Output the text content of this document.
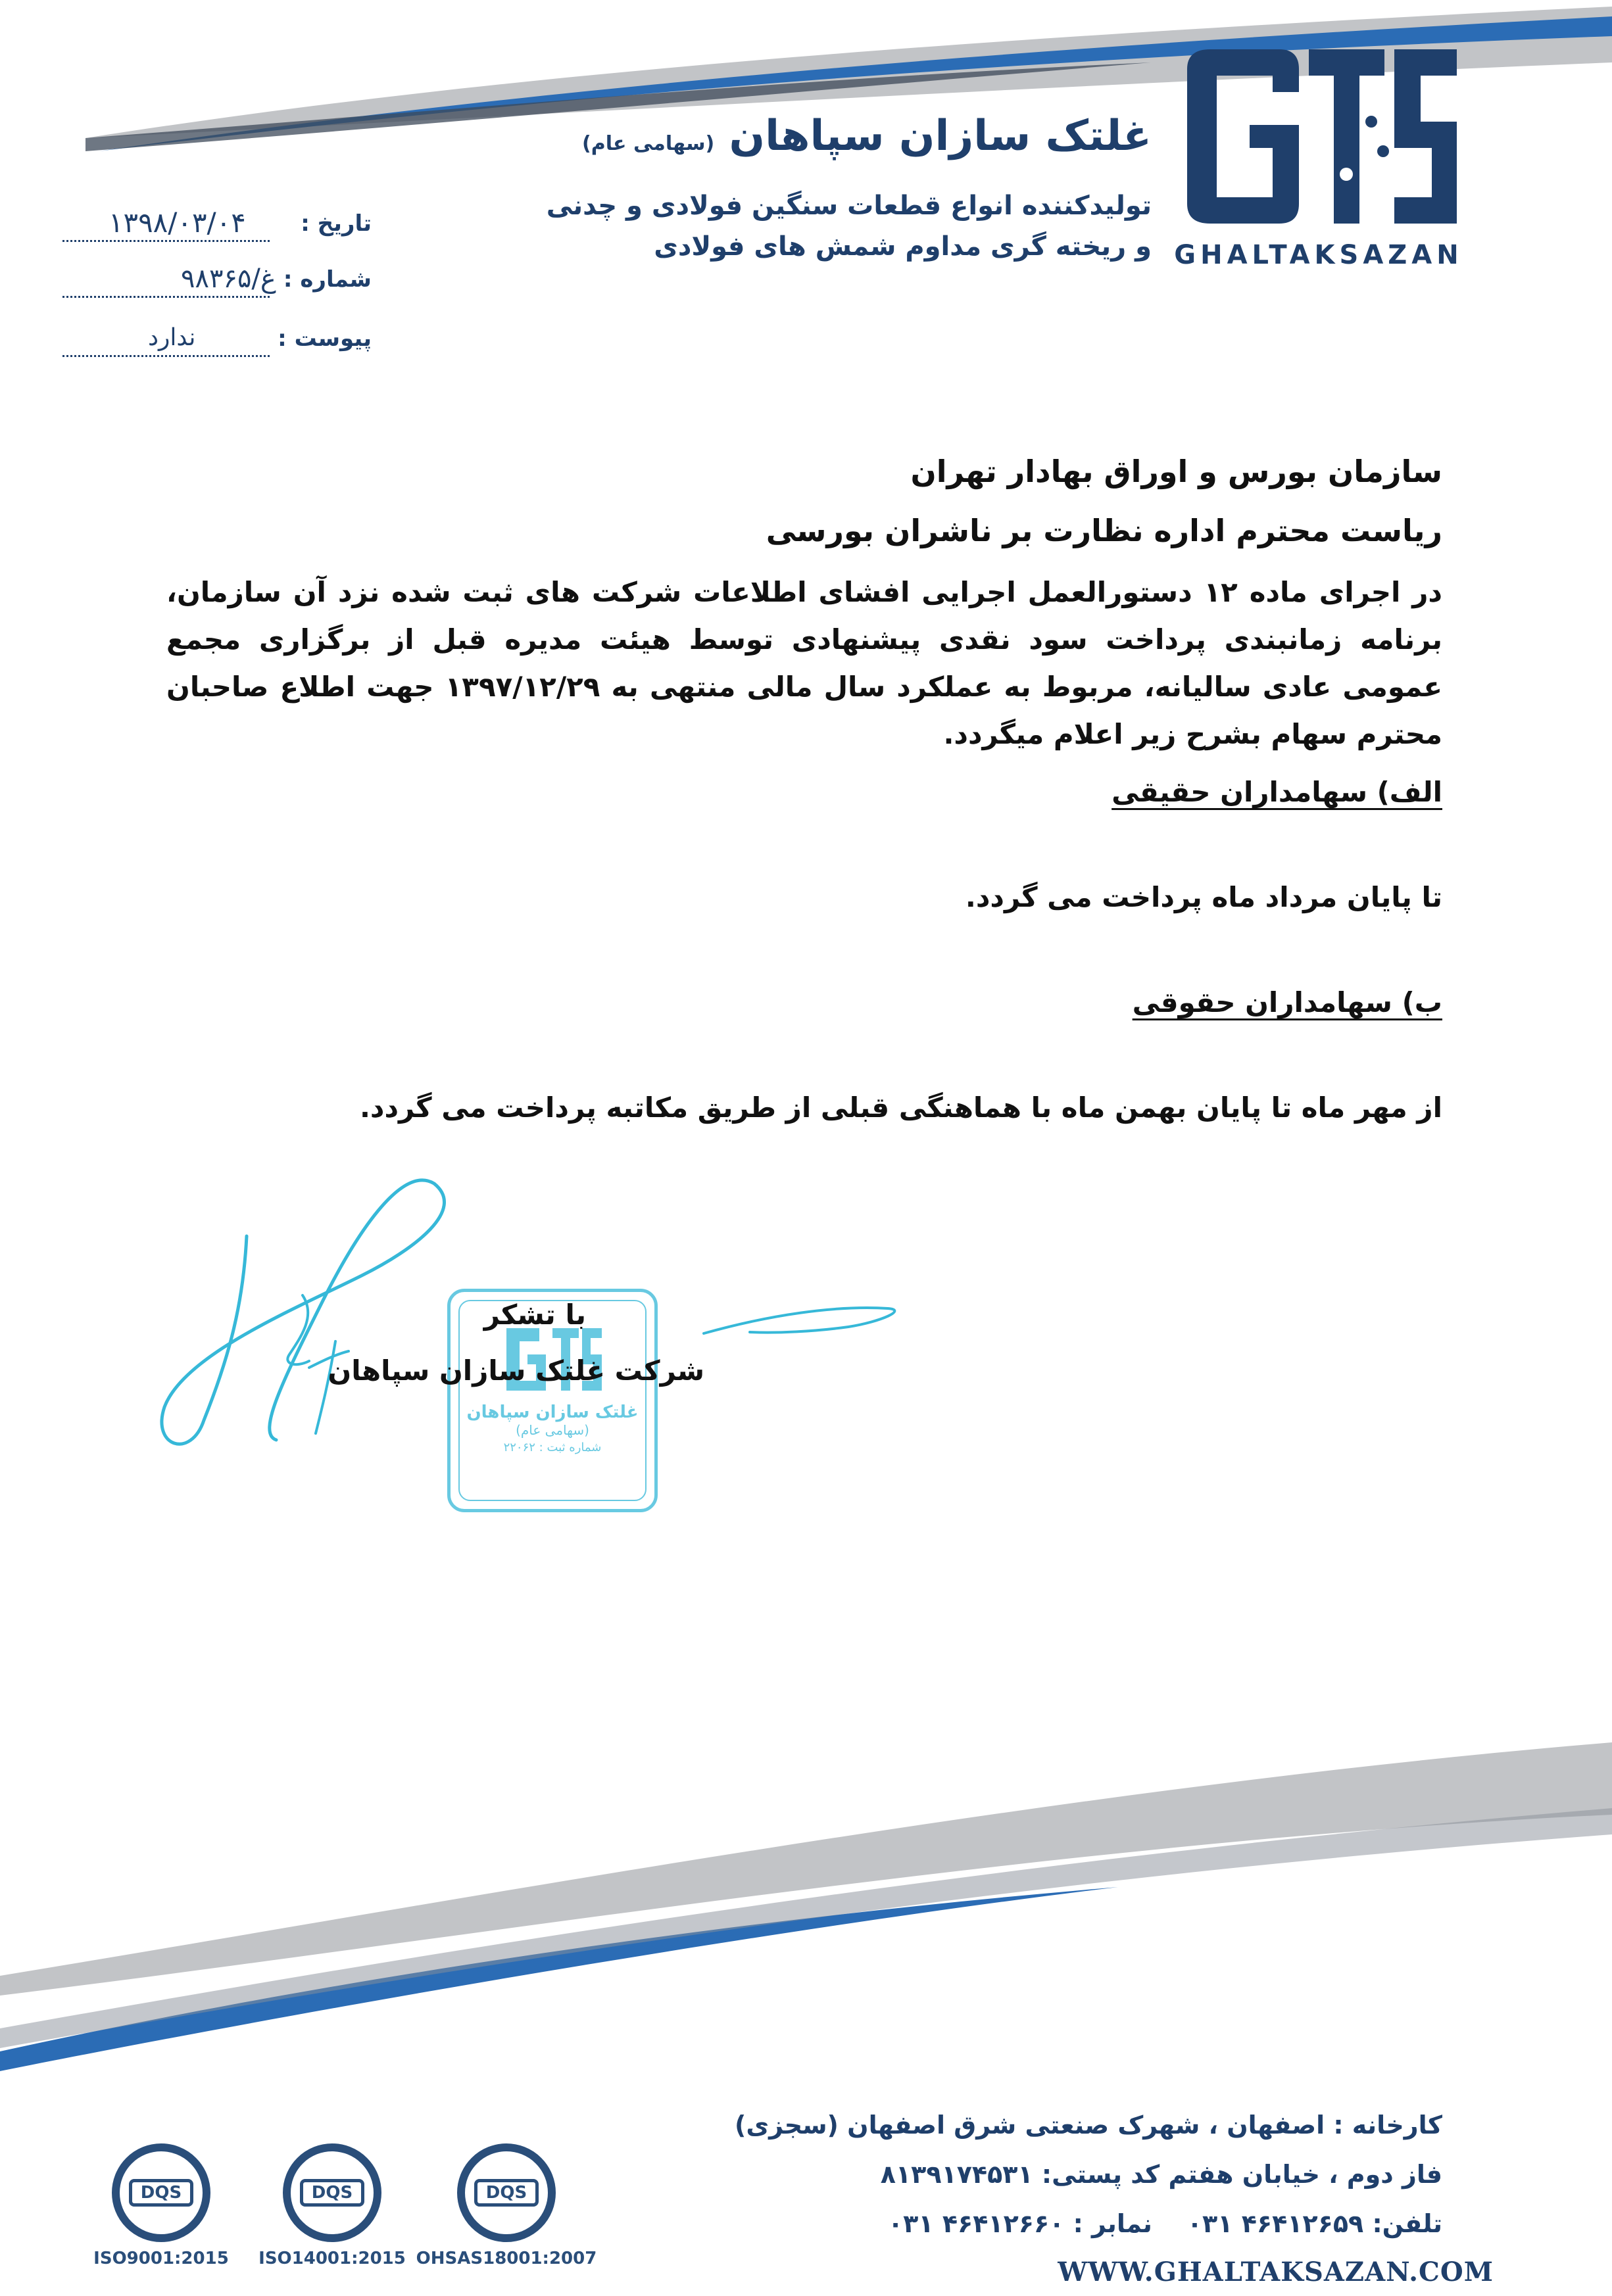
GHALTAKSAZAN
غلتک سازان سپاهان (سهامی عام)
تولیدکننده انواع قطعات سنگین فولادی و چدنی
و ریخته گری مداوم شمش های فولادی
تاریخ :
۱۳۹۸/۰۳/۰۴
شماره :
۹۸غ/۳۶۵
پیوست :
ندارد
سازمان بورس و اوراق بهادار تهران
ریاست محترم اداره نظارت بر ناشران بورسی
در اجرای ماده ۱۲ دستورالعمل اجرایی افشای اطلاعات شرکت های ثبت شده نزد آن سازمان، برنامه زمانبندی پرداخت سود نقدی پیشنهادی توسط هیئت مدیره قبل از برگزاری مجمع عمومی عادی سالیانه، مربوط به عملکرد سال مالی منتهی به ۱۳۹۷/۱۲/۲۹ جهت اطلاع صاحبان محترم سهام بشرح زیر اعلام میگردد.
الف) سهامداران حقیقی
تا پایان مرداد ماه پرداخت می گردد.
ب) سهامداران حقوقی
از مهر ماه تا پایان بهمن ماه با هماهنگی قبلی از طریق مکاتبه پرداخت می گردد.
غلتک سازان سپاهان
(سهامی عام)
شماره ثبت : ۲۲۰۶۲
با تشکر
شرکت غلتک سازان سپاهان
DQS
ISO9001:2015
DQS
ISO14001:2015
DQS
OHSAS18001:2007
کارخانه : اصفهان ، شهرک صنعتی شرق اصفهان (سجزی)
فاز دوم ، خیابان هفتم کد پستی: ۸۱۳۹۱۷۴۵۳۱
تلفن: ۴۶۴۱۲۶۵۹ ۰۳۱    نمابر : ۴۶۴۱۲۶۶۰ ۰۳۱
WWW.GHALTAKSAZAN.COM
